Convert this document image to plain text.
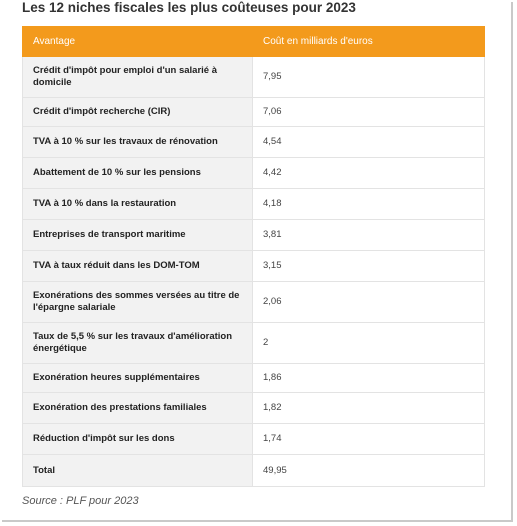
Les 12 niches fiscales les plus coûteuses pour 2023
Avantage	Coût en milliards d'euros
Crédit d'impôt pour emploi d'un salarié à domicile	7,95
Crédit d'impôt recherche (CIR)	7,06
TVA à 10 % sur les travaux de rénovation	4,54
Abattement de 10 % sur les pensions	4,42
TVA à 10 % dans la restauration	4,18
Entreprises de transport maritime	3,81
TVA à taux réduit dans les DOM-TOM	3,15
Exonérations des sommes versées au titre de l'épargne salariale	2,06
Taux de 5,5 % sur les travaux d'amélioration énergétique	2
Exonération heures supplémentaires	1,86
Exonération des prestations familiales	1,82
Réduction d'impôt sur les dons	1,74
Total	49,95
Source : PLF pour 2023
